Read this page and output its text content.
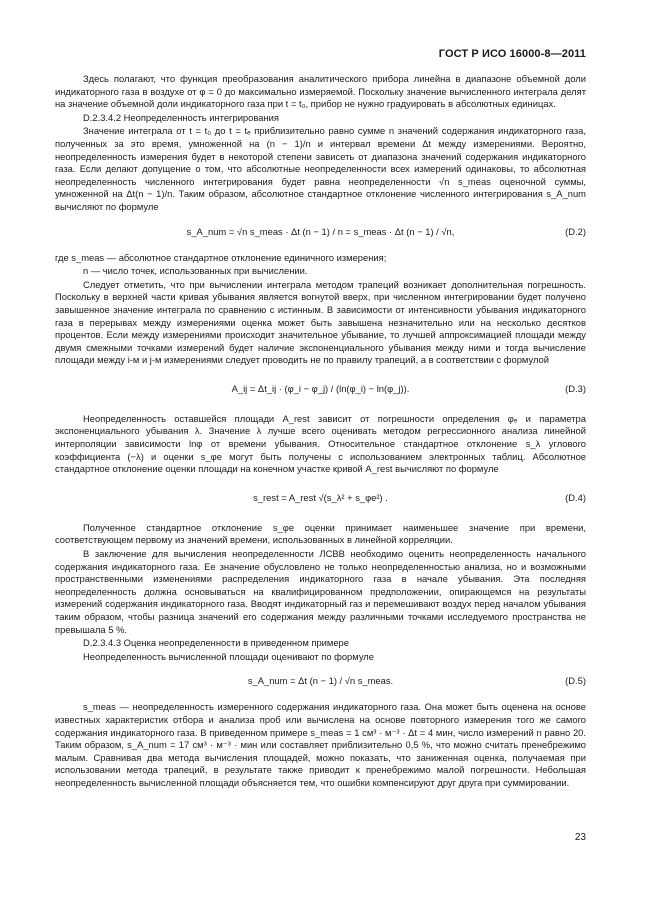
ГОСТ Р ИСО 16000-8—2011

Здесь полагают, что функция преобразования аналитического прибора линейна в диапазоне объемной доли индикаторного газа в воздухе от φ = 0 до максимально измеряемой. Поскольку значение вычисленного интеграла делят на значение объемной доли индикаторного газа при t = t₀, прибор не нужно градуировать в абсолютных единицах.

D.2.3.4.2 Неопределенность интегрирования

Значение интеграла от t = t₀ до t = tₑ приблизительно равно сумме n значений содержания индикаторного газа, полученных за это время, умноженной на (n − 1)/n и интервал времени Δt между измерениями. Вероятно, неопределенность измерения будет в некоторой степени зависеть от диапазона значений содержания индикаторного газа. Если делают допущение о том, что абсолютные неопределенности всех измерений одинаковы, то абсолютная неопределенность численного интегрирования будет равна неопределенности √n s_meas оценочной суммы, умноженной на Δt(n − 1)/n. Таким образом, абсолютное стандартное отклонение численного интегрирования s_A_num вычисляют по формуле

s_A_num = √n s_meas · Δt (n − 1) / n = s_meas · Δt (n − 1) / √n,	(D.2)

где s_meas — абсолютное стандартное отклонение единичного измерения;

n — число точек, использованных при вычислении.

Следует отметить, что при вычислении интеграла методом трапеций возникает дополнительная погрешность. Поскольку в верхней части кривая убывания является вогнутой вверх, при численном интегрировании будет получено завышенное значение интеграла по сравнению с истинным. В зависимости от интенсивности убывания индикаторного газа в перерывах между измерениями оценка может быть завышена незначительно или на несколько десятков процентов. Если между измерениями происходит значительное убывание, то лучшей аппроксимацией площади между двумя смежными точками измерений будет наличие экспоненциального убывания между ними и тогда вычисление площади между i-м и j-м измерениями следует проводить не по правилу трапеций, а в соответствии с формулой

A_ij = Δt_ij · (φ_i − φ_j) / (ln(φ_i) − ln(φ_j)).	(D.3)

Неопределенность оставшейся площади A_rest зависит от погрешности определения φₑ и параметра экспоненциального убывания λ. Значение λ лучше всего оценивать методом регрессионного анализа линейной интерполяции зависимости lnφ от времени убывания. Относительное стандартное отклонение s_λ углового коэффициента (−λ) и оценки s_φe могут быть получены с использованием электронных таблиц. Абсолютное стандартное отклонение оценки площади на конечном участке кривой A_rest вычисляют по формуле

s_rest = A_rest √(s_λ² + s_φe²) .	(D.4)

Полученное стандартное отклонение s_φe оценки принимает наименьшее значение при времени, соответствующем первому из значений времени, использованных в линейной корреляции.

В заключение для вычисления неопределенности ЛСВВ необходимо оценить неопределенность начального содержания индикаторного газа. Ее значение обусловлено не только неопределенностью анализа, но и возможными пространственными изменениями распределения индикаторного газа в начале убывания. Эта последняя неопределенность должна основываться на квалифицированном предположении, опирающемся на результаты измерений содержания индикаторного газа. Вводят индикаторный газ и перемешивают воздух перед началом убывания таким образом, чтобы разница значений его содержания между различными точками исследуемого пространства не превышала 5 %.

D.2.3.4.3 Оценка неопределенности в приведенном примере

Неопределенность вычисленной площади оценивают по формуле

s_A_num = Δt (n − 1) / √n s_meas.	(D.5)

s_meas — неопределенность измеренного содержания индикаторного газа. Она может быть оценена на основе известных характеристик отбора и анализа проб или вычислена на основе повторного измерения того же самого содержания индикаторного газа. В приведенном примере s_meas = 1 см³ · м⁻³ · Δt = 4 мин, число измерений n равно 20. Таким образом, s_A_num = 17 см³ · м⁻³ · мин или составляет приблизительно 0,5 %, что можно считать пренебрежимо малым. Сравнивая два метода вычисления площадей, можно показать, что заниженная оценка, получаемая при использовании метода трапеций, в результате также приводит к пренебрежимо малой погрешности. Небольшая неопределенность вычисленной площади объясняется тем, что ошибки компенсируют друг друга при суммировании.

23
